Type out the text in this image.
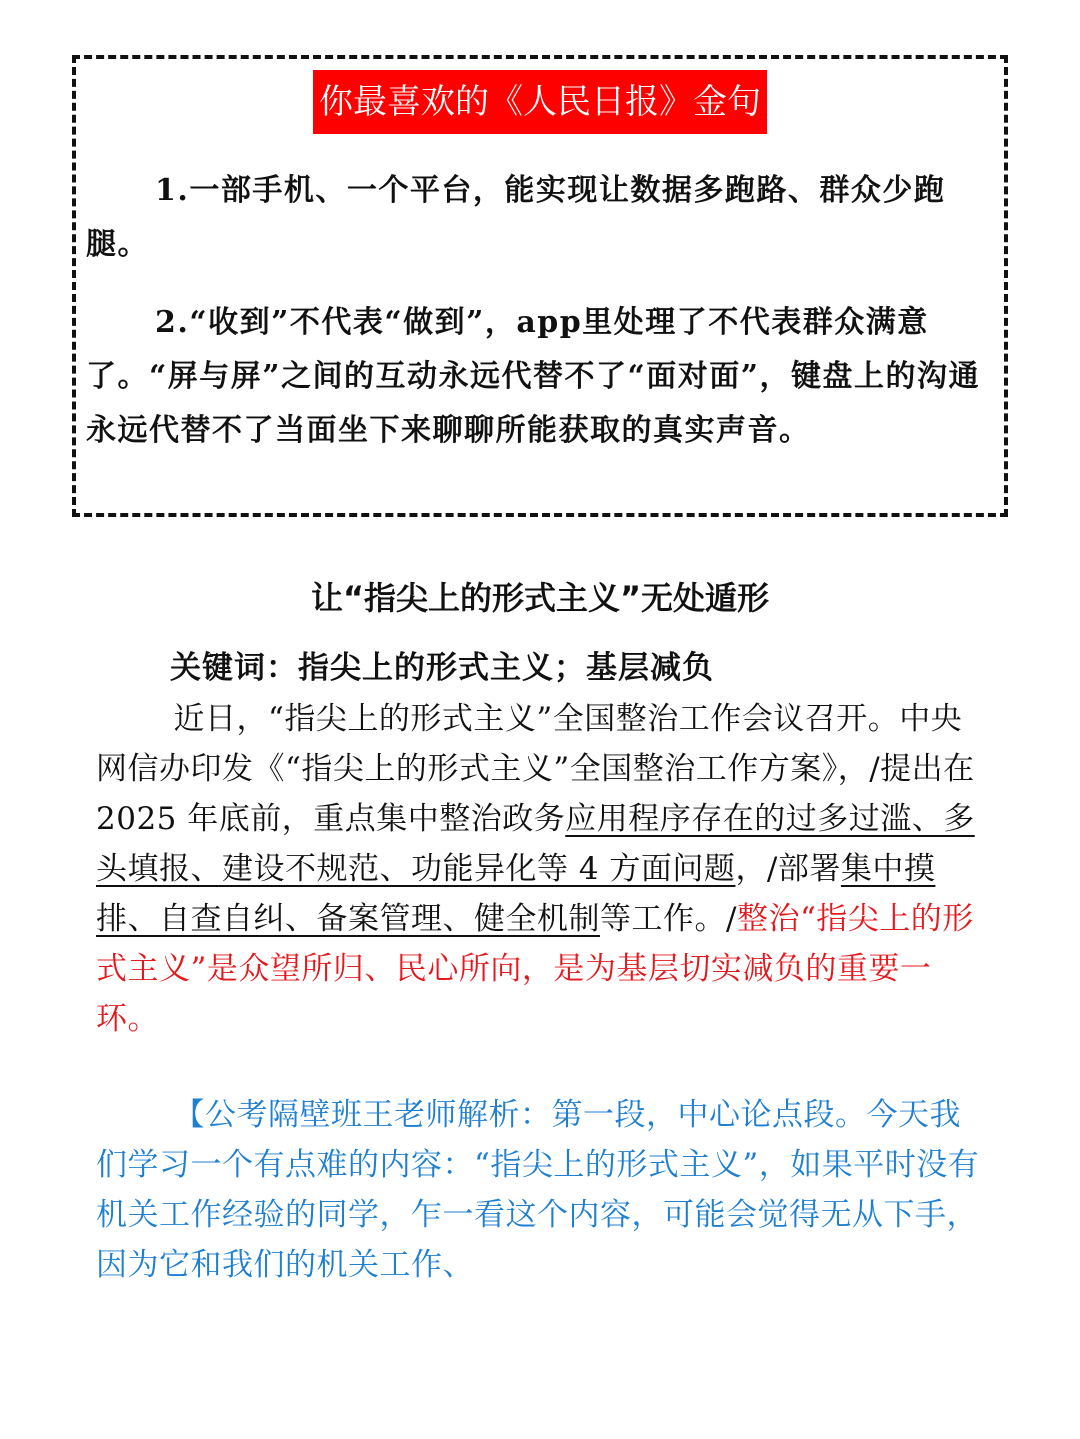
你最喜欢的《人民日报》金句

1.一部手机、一个平台，能实现让数据多跑路、群众少跑腿。

2.“收到”不代表“做到”，app里处理了不代表群众满意了。“屏与屏”之间的互动永远代替不了“面对面”，键盘上的沟通永远代替不了当面坐下来聊聊所能获取的真实声音。

让“指尖上的形式主义”无处遁形

关键词：指尖上的形式主义；基层减负

近日，“指尖上的形式主义”全国整治工作会议召开。中央网信办印发《“指尖上的形式主义”全国整治工作方案》，/提出在 2025 年底前，重点集中整治政务应用程序存在的过多过滥、多头填报、建设不规范、功能异化等 4 方面问题，/部署集中摸排、自查自纠、备案管理、健全机制等工作。/整治“指尖上的形式主义”是众望所归、民心所向，是为基层切实减负的重要一环。

【公考隔壁班王老师解析：第一段，中心论点段。今天我们学习一个有点难的内容：“指尖上的形式主义”，如果平时没有机关工作经验的同学，乍一看这个内容，可能会觉得无从下手，因为它和我们的机关工作、
